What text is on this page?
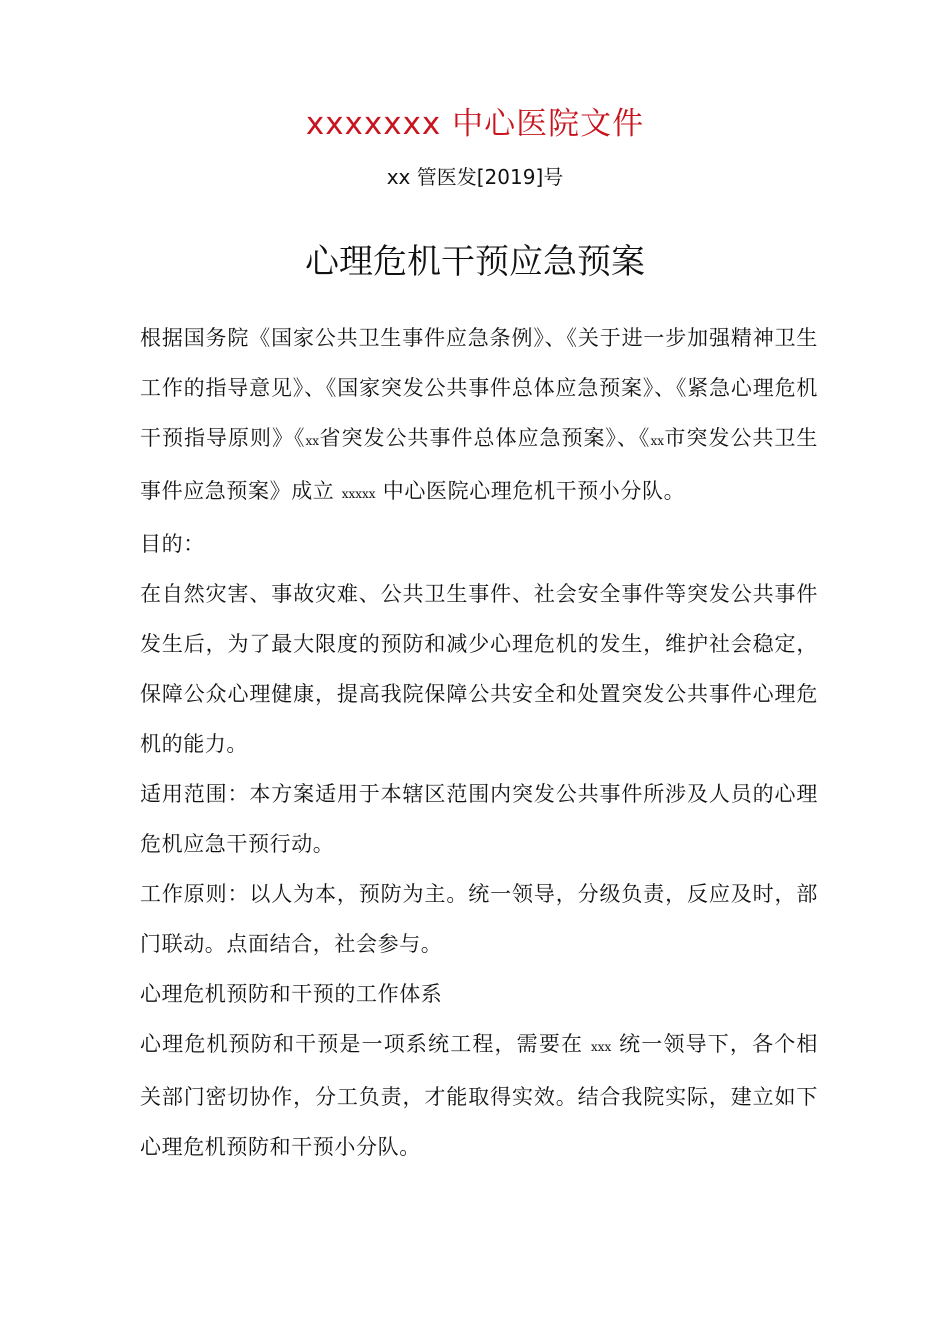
xxxxxxx 中心医院文件
xx 管医发[2019]号
心理危机干预应急预案

根据国务院《国家公共卫生事件应急条例》、《关于进一步加强精神卫生工作的指导意见》、《国家突发公共事件总体应急预案》、《紧急心理危机干预指导原则》《xx省突发公共事件总体应急预案》、《xx市突发公共卫生事件应急预案》成立 xxxxx 中心医院心理危机干预小分队。

目的：

在自然灾害、事故灾难、公共卫生事件、社会安全事件等突发公共事件发生后，为了最大限度的预防和减少心理危机的发生，维护社会稳定，保障公众心理健康，提高我院保障公共安全和处置突发公共事件心理危机的能力。

适用范围：本方案适用于本辖区范围内突发公共事件所涉及人员的心理危机应急干预行动。

工作原则：以人为本，预防为主。统一领导，分级负责，反应及时，部门联动。点面结合，社会参与。

心理危机预防和干预的工作体系

心理危机预防和干预是一项系统工程，需要在 xxx 统一领导下，各个相关部门密切协作，分工负责，才能取得实效。结合我院实际，建立如下心理危机预防和干预小分队。
